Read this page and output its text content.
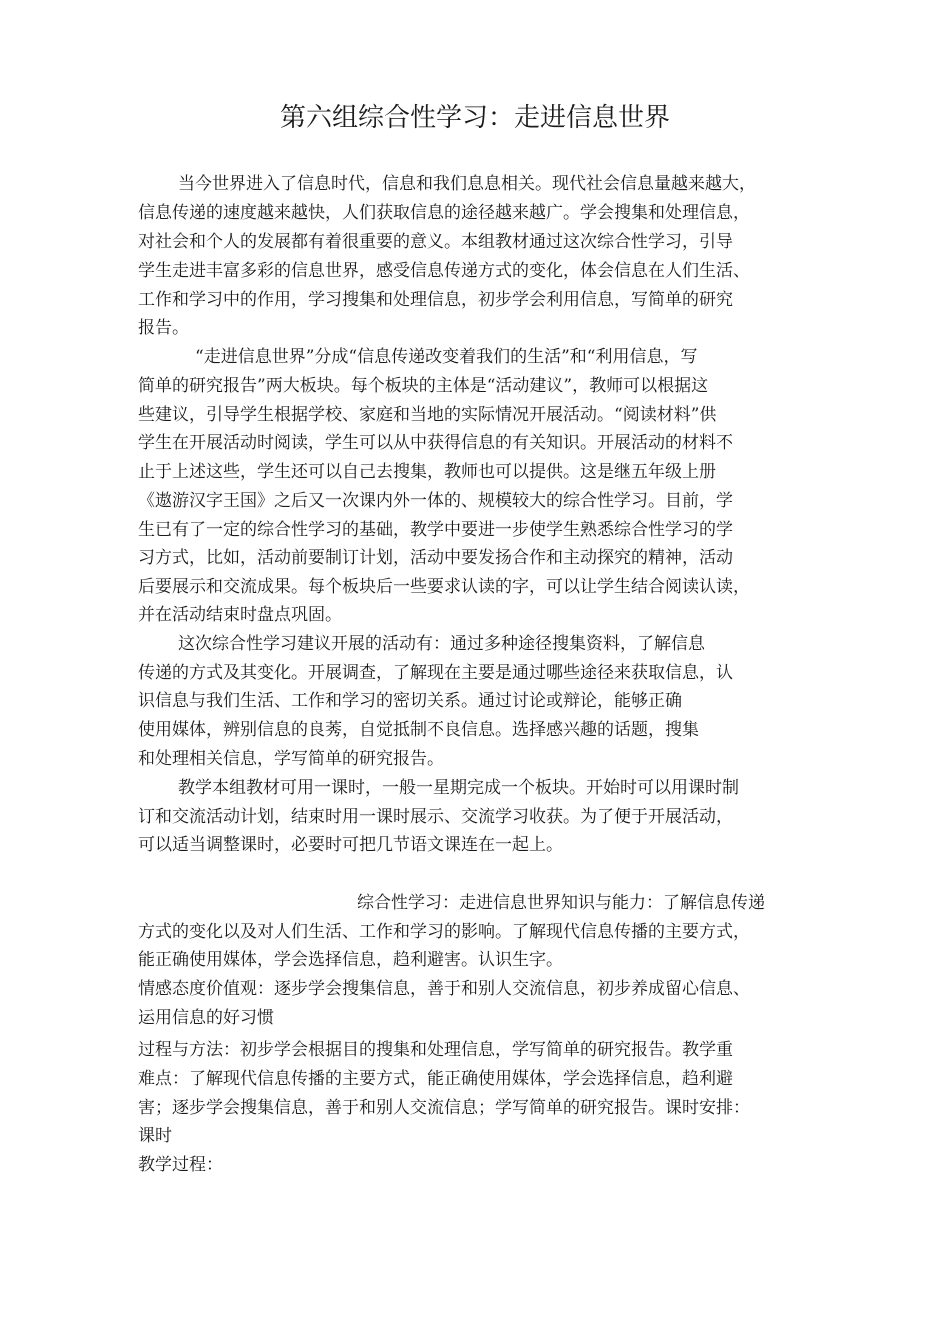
第六组综合性学习：走进信息世界
当今世界进入了信息时代，信息和我们息息相关。现代社会信息量越来越大，
信息传递的速度越来越快，人们获取信息的途径越来越广。学会搜集和处理信息，
对社会和个人的发展都有着很重要的意义。本组教材通过这次综合性学习，引导
学生走进丰富多彩的信息世界，感受信息传递方式的变化，体会信息在人们生活、
工作和学习中的作用，学习搜集和处理信息，初步学会利用信息，写简单的研究
报告。
“走进信息世界”分成“信息传递改变着我们的生活”和“利用信息，写
简单的研究报告”两大板块。每个板块的主体是“活动建议”，教师可以根据这
些建议，引导学生根据学校、家庭和当地的实际情况开展活动。“阅读材料”供
学生在开展活动时阅读，学生可以从中获得信息的有关知识。开展活动的材料不
止于上述这些，学生还可以自己去搜集，教师也可以提供。这是继五年级上册
《遨游汉字王国》之后又一次课内外一体的、规模较大的综合性学习。目前，学
生已有了一定的综合性学习的基础，教学中要进一步使学生熟悉综合性学习的学
习方式，比如，活动前要制订计划，活动中要发扬合作和主动探究的精神，活动
后要展示和交流成果。每个板块后一些要求认读的字，可以让学生结合阅读认读，
并在活动结束时盘点巩固。
这次综合性学习建议开展的活动有：通过多种途径搜集资料，了解信息
传递的方式及其变化。开展调查，了解现在主要是通过哪些途径来获取信息，认
识信息与我们生活、工作和学习的密切关系。通过讨论或辩论，能够正确
使用媒体，辨别信息的良莠，自觉抵制不良信息。选择感兴趣的话题，搜集
和处理相关信息，学写简单的研究报告。
教学本组教材可用一课时，一般一星期完成一个板块。开始时可以用课时制
订和交流活动计划，结束时用一课时展示、交流学习收获。为了便于开展活动，
可以适当调整课时，必要时可把几节语文课连在一起上。
综合性学习：走进信息世界知识与能力：了解信息传递
方式的变化以及对人们生活、工作和学习的影响。了解现代信息传播的主要方式，
能正确使用媒体，学会选择信息，趋利避害。认识生字。
情感态度价值观：逐步学会搜集信息，善于和别人交流信息，初步养成留心信息、
运用信息的好习惯
过程与方法：初步学会根据目的搜集和处理信息，学写简单的研究报告。教学重
难点：了解现代信息传播的主要方式，能正确使用媒体，学会选择信息，趋利避
害；逐步学会搜集信息，善于和别人交流信息；学写简单的研究报告。课时安排：
课时
教学过程：
